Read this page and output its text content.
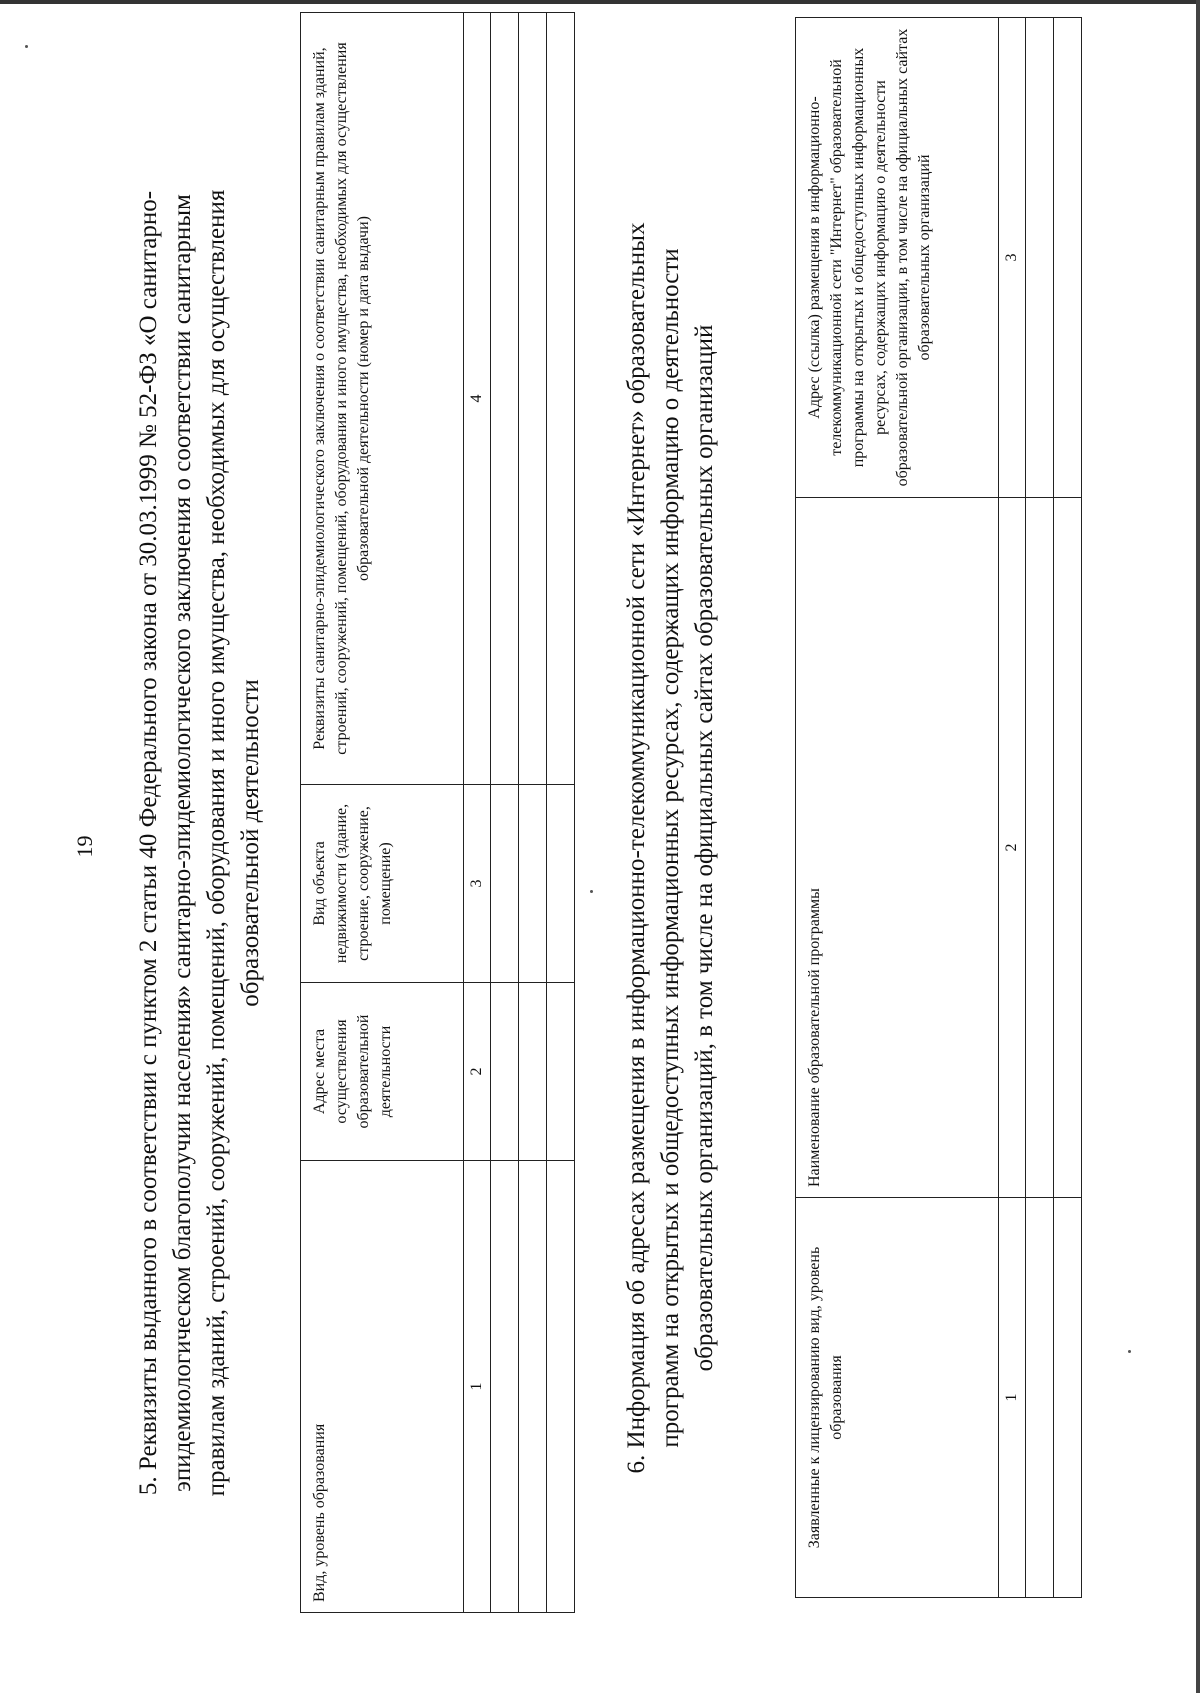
19 5. Реквизиты выданного в соответствии с пунктом 2 статьи 40 Федерального закона от 30.03.1999 № 52-ФЗ «О санитарно-эпидемиологическом благополучии населения» санитарно-эпидемиологического заключения о соответствии санитарным правилам зданий, строений, сооружений, помещений, оборудования и иного имущества, необходимых для осуществления образовательной деятельности
Вид, уровень образования	Адрес места осуществления образовательной деятельности	Вид объекта недвижимости (здание, строение, сооружение, помещение)	Реквизиты санитарно-эпидемиологического заключения о соответствии санитарным правилам зданий, строений, сооружений, помещений, оборудования и иного имущества, необходимых для осуществления образовательной деятельности (номер и дата выдачи)
1	2	3	4

				6. Информация об адресах размещения в информационно-телекоммуникационной сети «Интернет» образовательных программ на открытых и общедоступных информационных ресурсах, содержащих информацию о деятельности образовательных организаций, в том числе на официальных сайтах образовательных организаций
Заявленные к лицензированию вид, уровень образования	Наименование образовательной программы	Адрес (ссылка) размещения в информационно-телекоммуникационной сети "Интернет" образовательной программы на открытых и общедоступных информационных ресурсах, содержащих информацию о деятельности образовательной организации, в том числе на официальных сайтах образовательных организаций
1	2	3
